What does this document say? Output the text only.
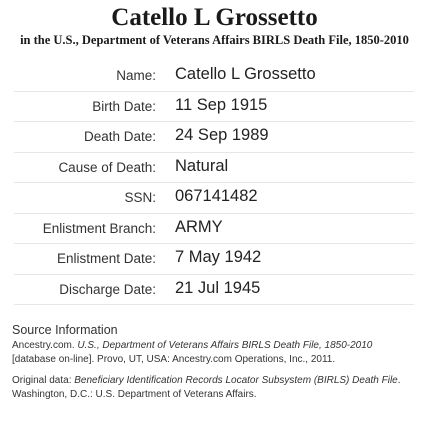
Catello L Grossetto
in the U.S., Department of Veterans Affairs BIRLS Death File, 1850-2010
Name: Catello L Grossetto
Birth Date: 11 Sep 1915
Death Date: 24 Sep 1989
Cause of Death: Natural
SSN: 067141482
Enlistment Branch: ARMY
Enlistment Date: 7 May 1942
Discharge Date: 21 Jul 1945
Source Information

Ancestry.com. U.S., Department of Veterans Affairs BIRLS Death File, 1850-2010 [database on-line]. Provo, UT, USA: Ancestry.com Operations, Inc., 2011.

Original data: Beneficiary Identification Records Locator Subsystem (BIRLS) Death File. Washington, D.C.: U.S. Department of Veterans Affairs.
